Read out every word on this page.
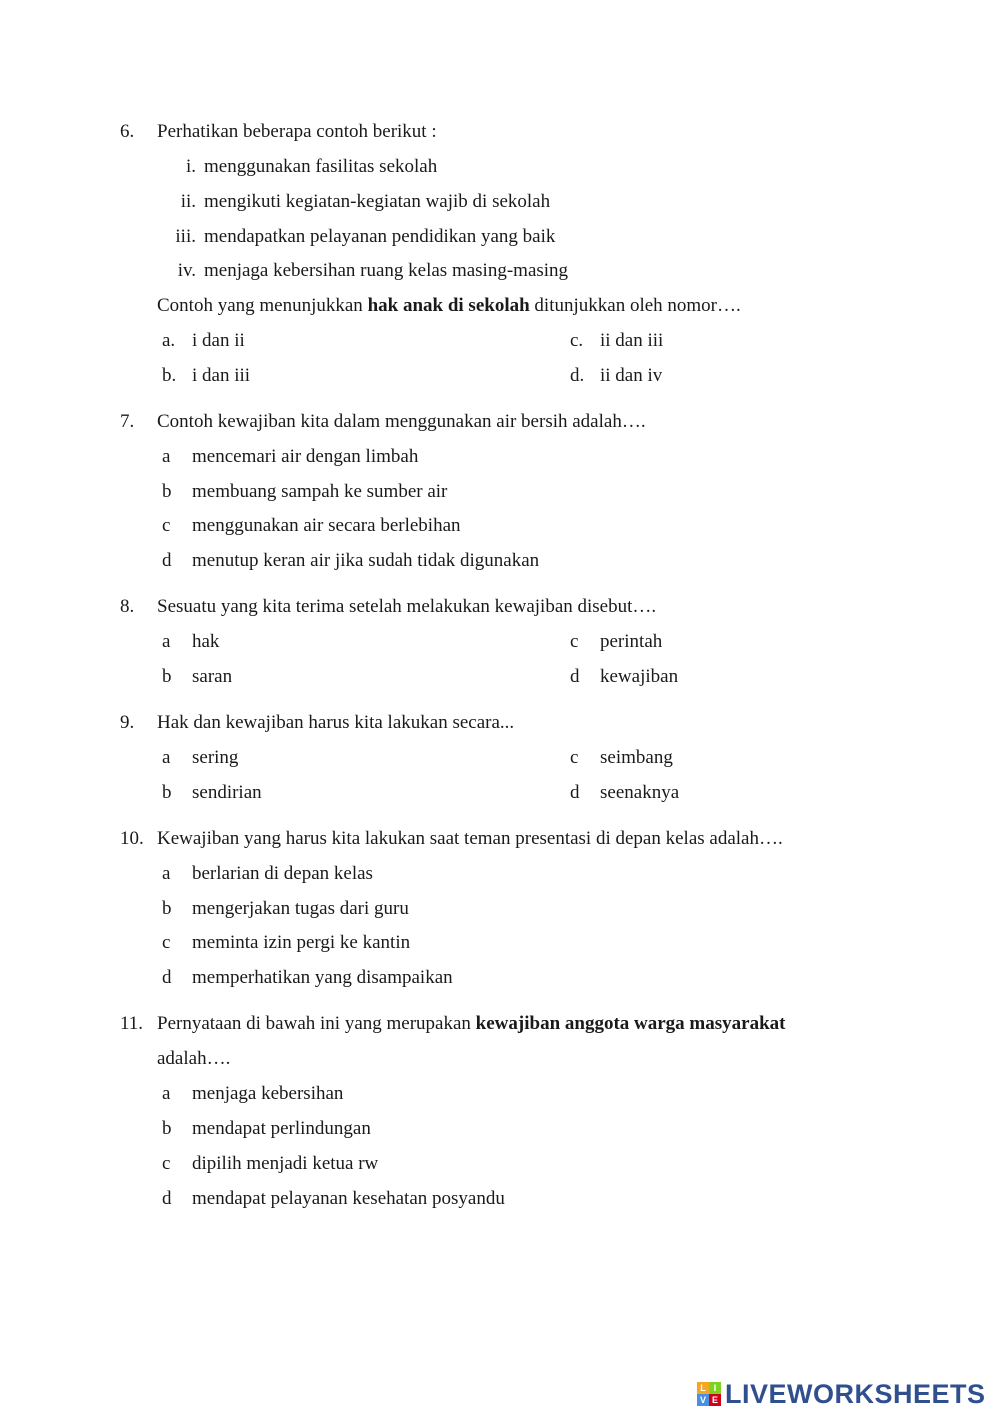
6.	Perhatikan beberapa contoh berikut :
i. menggunakan fasilitas sekolah
ii. mengikuti kegiatan-kegiatan wajib di sekolah
iii. mendapatkan pelayanan pendidikan yang baik
iv. menjaga kebersihan ruang kelas masing-masing
Contoh yang menunjukkan hak anak di sekolah ditunjukkan oleh nomor….
a. i dan ii	c. ii dan iii
b. i dan iii	d. ii dan iv
7.	Contoh kewajiban kita dalam menggunakan air bersih adalah….
a mencemari air dengan limbah
b membuang sampah ke sumber air
c menggunakan air secara berlebihan
d menutup keran air jika sudah tidak digunakan
8.	Sesuatu yang kita terima setelah melakukan kewajiban disebut….
a hak	c perintah
b saran	d kewajiban
9.	Hak dan kewajiban harus kita lakukan secara...
a sering	c seimbang
b sendirian	d seenaknya
10. Kewajiban yang harus kita lakukan saat teman presentasi di depan kelas adalah….
a berlarian di depan kelas
b mengerjakan tugas dari guru
c meminta izin pergi ke kantin
d memperhatikan yang disampaikan
11. Pernyataan di bawah ini yang merupakan kewajiban anggota warga masyarakat
adalah….
a menjaga kebersihan
b mendapat perlindungan
c dipilih menjadi ketua rw
d mendapat pelayanan kesehatan posyandu
L I
V E LIVEWORKSHEETS
